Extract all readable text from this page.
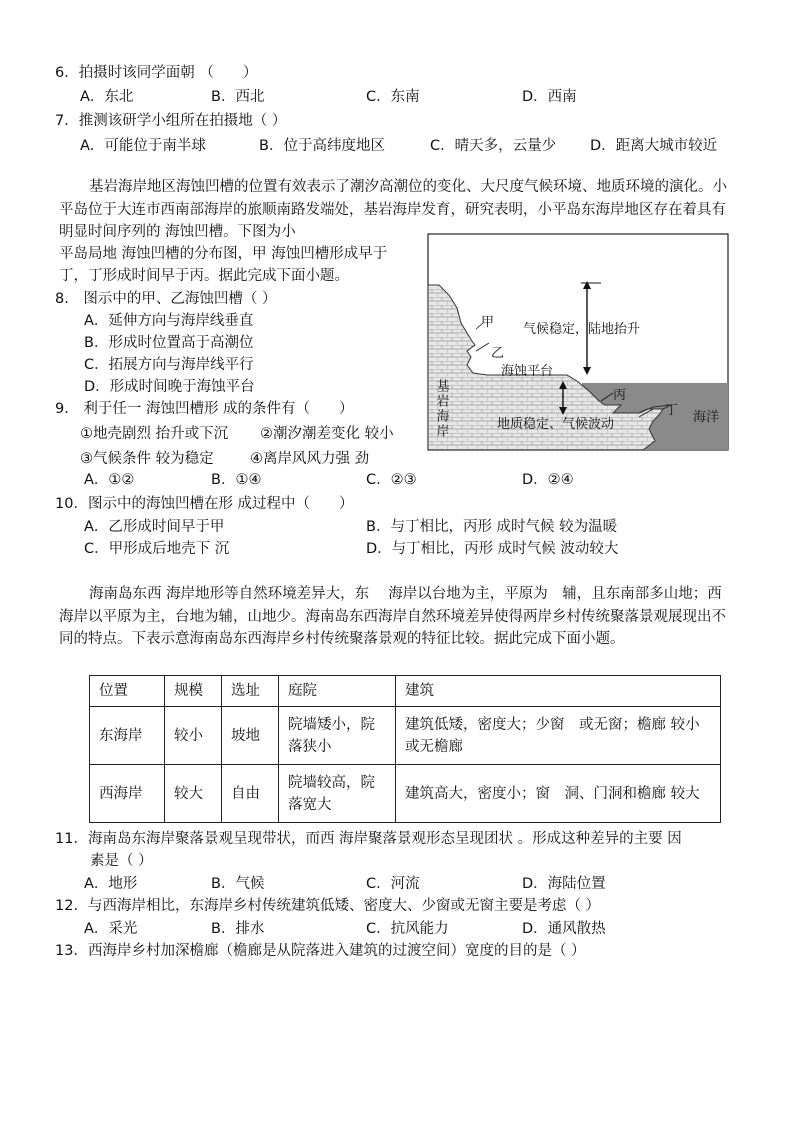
6．拍摄时该同学面朝 （　　）
A．东北	B．西北	C．东南	D．西南
7．推测该研学小组所在拍摄地（ ）
A．可能位于南半球	B．位于高纬度地区	C．晴天多，云量少 D．距离大城市较近
基岩海岸地区海蚀凹槽的位置有效表示了潮汐高潮位的变化、大尺度气候环境、地质环境的演化。小平岛位于大连市西南部海岸的旅顺南路发端处，基岩海岸发育，研究表明，小平岛东海岸地区存在着具有明显时间序列的 海蚀凹槽。下图为小
平岛局地 海蚀凹槽的分布图，甲 海蚀凹槽形成早于
丁，丁形成时间早于丙。据此完成下面小题。
甲
乙
气候稳定，陆地抬升
海蚀平台
丙
丁 海洋
地质稳定、气候波动
基岩海岸
8.　图示中的甲、乙海蚀凹槽（ ）
A．延伸方向与海岸线垂直
B．形成时位置高于高潮位
C．拓展方向与海岸线平行
D．形成时间晚于海蚀平台
9.　利于任一 海蚀凹槽形 成的条件有（　　）
①地壳剧烈 抬升或下沉 ②潮汐潮差变化 较小
③气候条件 较为稳定	④离岸风风力强 劲
A．①②	B．①④	C．②③	D．②④
10．图示中的海蚀凹槽在形 成过程中（　　）
A．乙形成时间早于甲	B．与丁相比，丙形 成时气候 较为温暖
C．甲形成后地壳下 沉	D．与丁相比，丙形 成时气候 波动较大
海南岛东西 海岸地形等自然环境差异大，东　 海岸以台地为主，平原为　辅，且东南部多山地；西海岸以平原为主，台地为辅，山地少。海南岛东西海岸自然环境差异使得两岸乡村传统聚落景观展现出不同的特点。下表示意海南岛东西海岸乡村传统聚落景观的特征比较。据此完成下面小题。
位置	规模	选址	庭院	建筑
东海岸	较小	坡地	院墙矮小，院落狭小	建筑低矮，密度大；少窗　或无窗；檐廊 较小或无檐廊
西海岸	较大	自由	院墙较高，院落宽大	建筑高大，密度小；窗　洞、门洞和檐廊 较大
11．海南岛东海岸聚落景观呈现带状，而西 海岸聚落景观形态呈现团状 。形成这种差异的主要 因
素是（ ）
A．地形	B．气候	C．河流	D．海陆位置
12．与西海岸相比，东海岸乡村传统建筑低矮、密度大、少窗或无窗主要是考虑（ ）
A．采光	B．排水	C．抗风能力	D．通风散热
13．西海岸乡村加深檐廊（檐廊是从院落进入建筑的过渡空间）宽度的目的是（ ）
